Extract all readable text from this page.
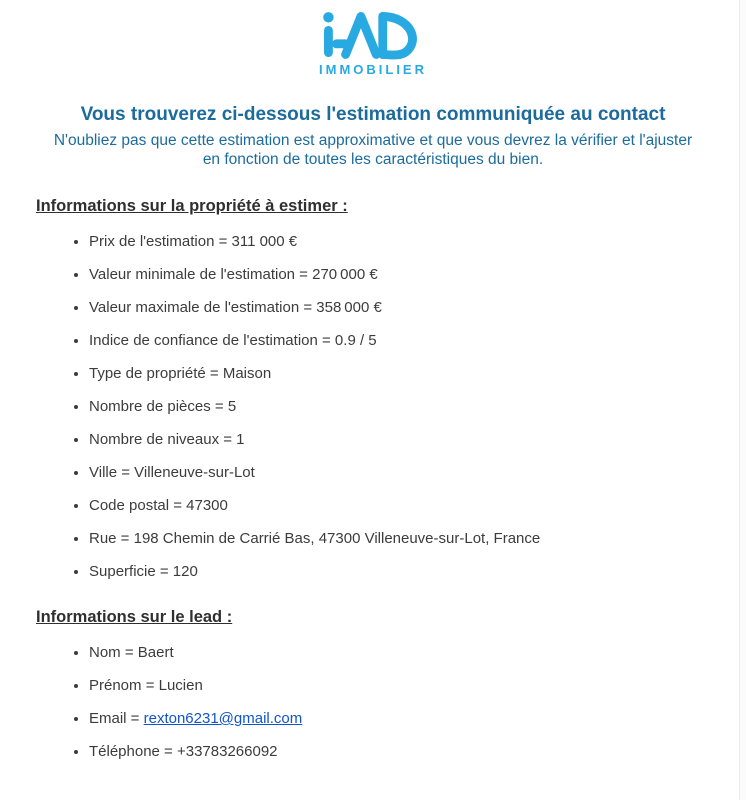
IMMOBILIER
Vous trouverez ci-dessous l'estimation communiquée au contact

N'oubliez pas que cette estimation est approximative et que vous devrez la vérifier et l'ajuster en fonction de toutes les caractéristiques du bien.

Informations sur la propriété à estimer :
• Prix de l'estimation = 311 000 €
• Valeur minimale de l'estimation = 270 000 €
• Valeur maximale de l'estimation = 358 000 €
• Indice de confiance de l'estimation = 0.9 / 5
• Type de propriété = Maison
• Nombre de pièces = 5
• Nombre de niveaux = 1
• Ville = Villeneuve-sur-Lot
• Code postal = 47300
• Rue = 198 Chemin de Carrié Bas, 47300 Villeneuve-sur-Lot, France
• Superficie = 120
Informations sur le lead :
• Nom = Baert
• Prénom = Lucien
• Email = rexton6231@gmail.com
• Téléphone = +33783266092
